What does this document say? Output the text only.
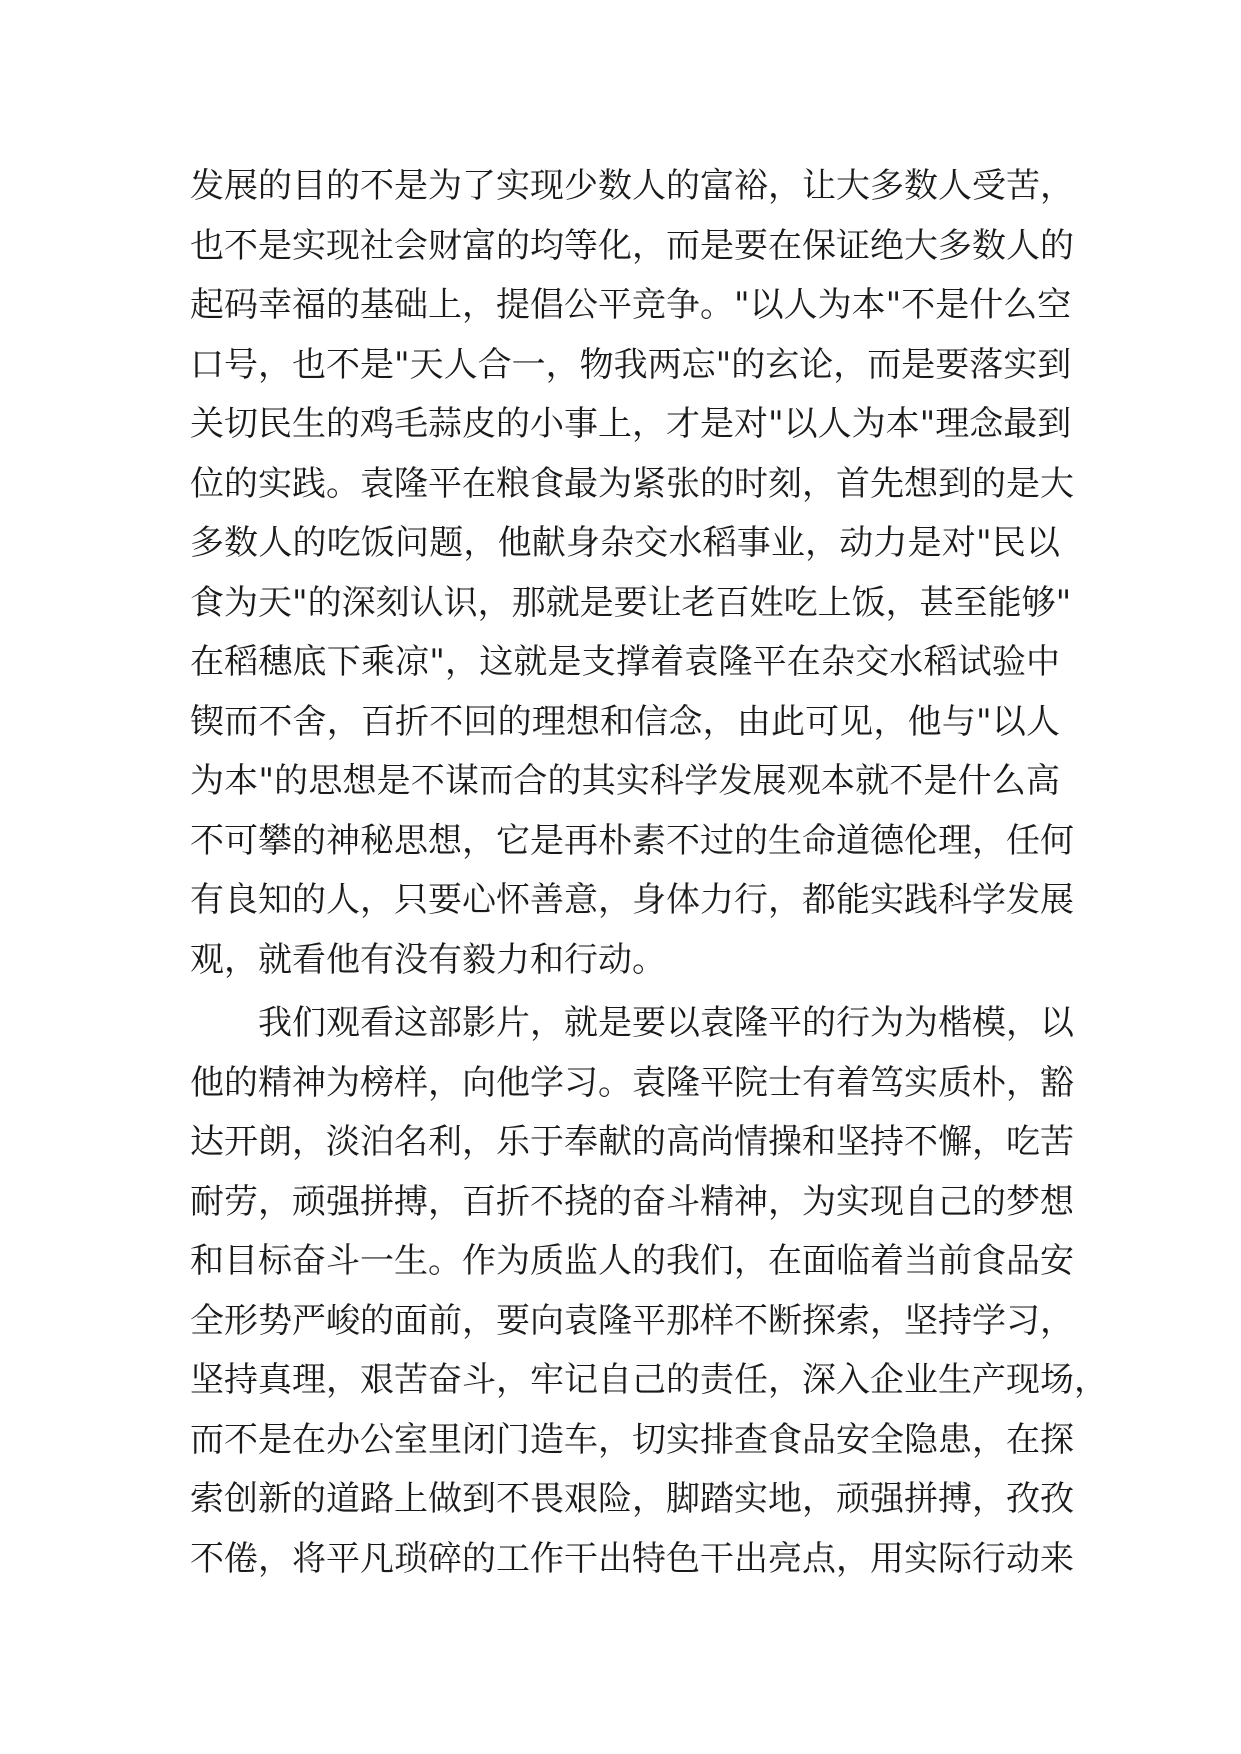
发展的目的不是为了实现少数人的富裕，让大多数人受苦，
也不是实现社会财富的均等化，而是要在保证绝大多数人的
起码幸福的基础上，提倡公平竞争。"以人为本"不是什么空
口号，也不是"天人合一，物我两忘"的玄论，而是要落实到
关切民生的鸡毛蒜皮的小事上，才是对"以人为本"理念最到
位的实践。袁隆平在粮食最为紧张的时刻，首先想到的是大
多数人的吃饭问题，他献身杂交水稻事业，动力是对"民以
食为天"的深刻认识，那就是要让老百姓吃上饭，甚至能够"
在稻穗底下乘凉"，这就是支撑着袁隆平在杂交水稻试验中
锲而不舍，百折不回的理想和信念，由此可见，他与"以人
为本"的思想是不谋而合的其实科学发展观本就不是什么高
不可攀的神秘思想，它是再朴素不过的生命道德伦理，任何
有良知的人，只要心怀善意，身体力行，都能实践科学发展
观，就看他有没有毅力和行动。
我们观看这部影片，就是要以袁隆平的行为为楷模，以
他的精神为榜样，向他学习。袁隆平院士有着笃实质朴，豁
达开朗，淡泊名利，乐于奉献的高尚情操和坚持不懈，吃苦
耐劳，顽强拼搏，百折不挠的奋斗精神，为实现自己的梦想
和目标奋斗一生。作为质监人的我们，在面临着当前食品安
全形势严峻的面前，要向袁隆平那样不断探索，坚持学习，
坚持真理，艰苦奋斗，牢记自己的责任，深入企业生产现场，
而不是在办公室里闭门造车，切实排查食品安全隐患，在探
索创新的道路上做到不畏艰险，脚踏实地，顽强拼搏，孜孜
不倦，将平凡琐碎的工作干出特色干出亮点，用实际行动来
